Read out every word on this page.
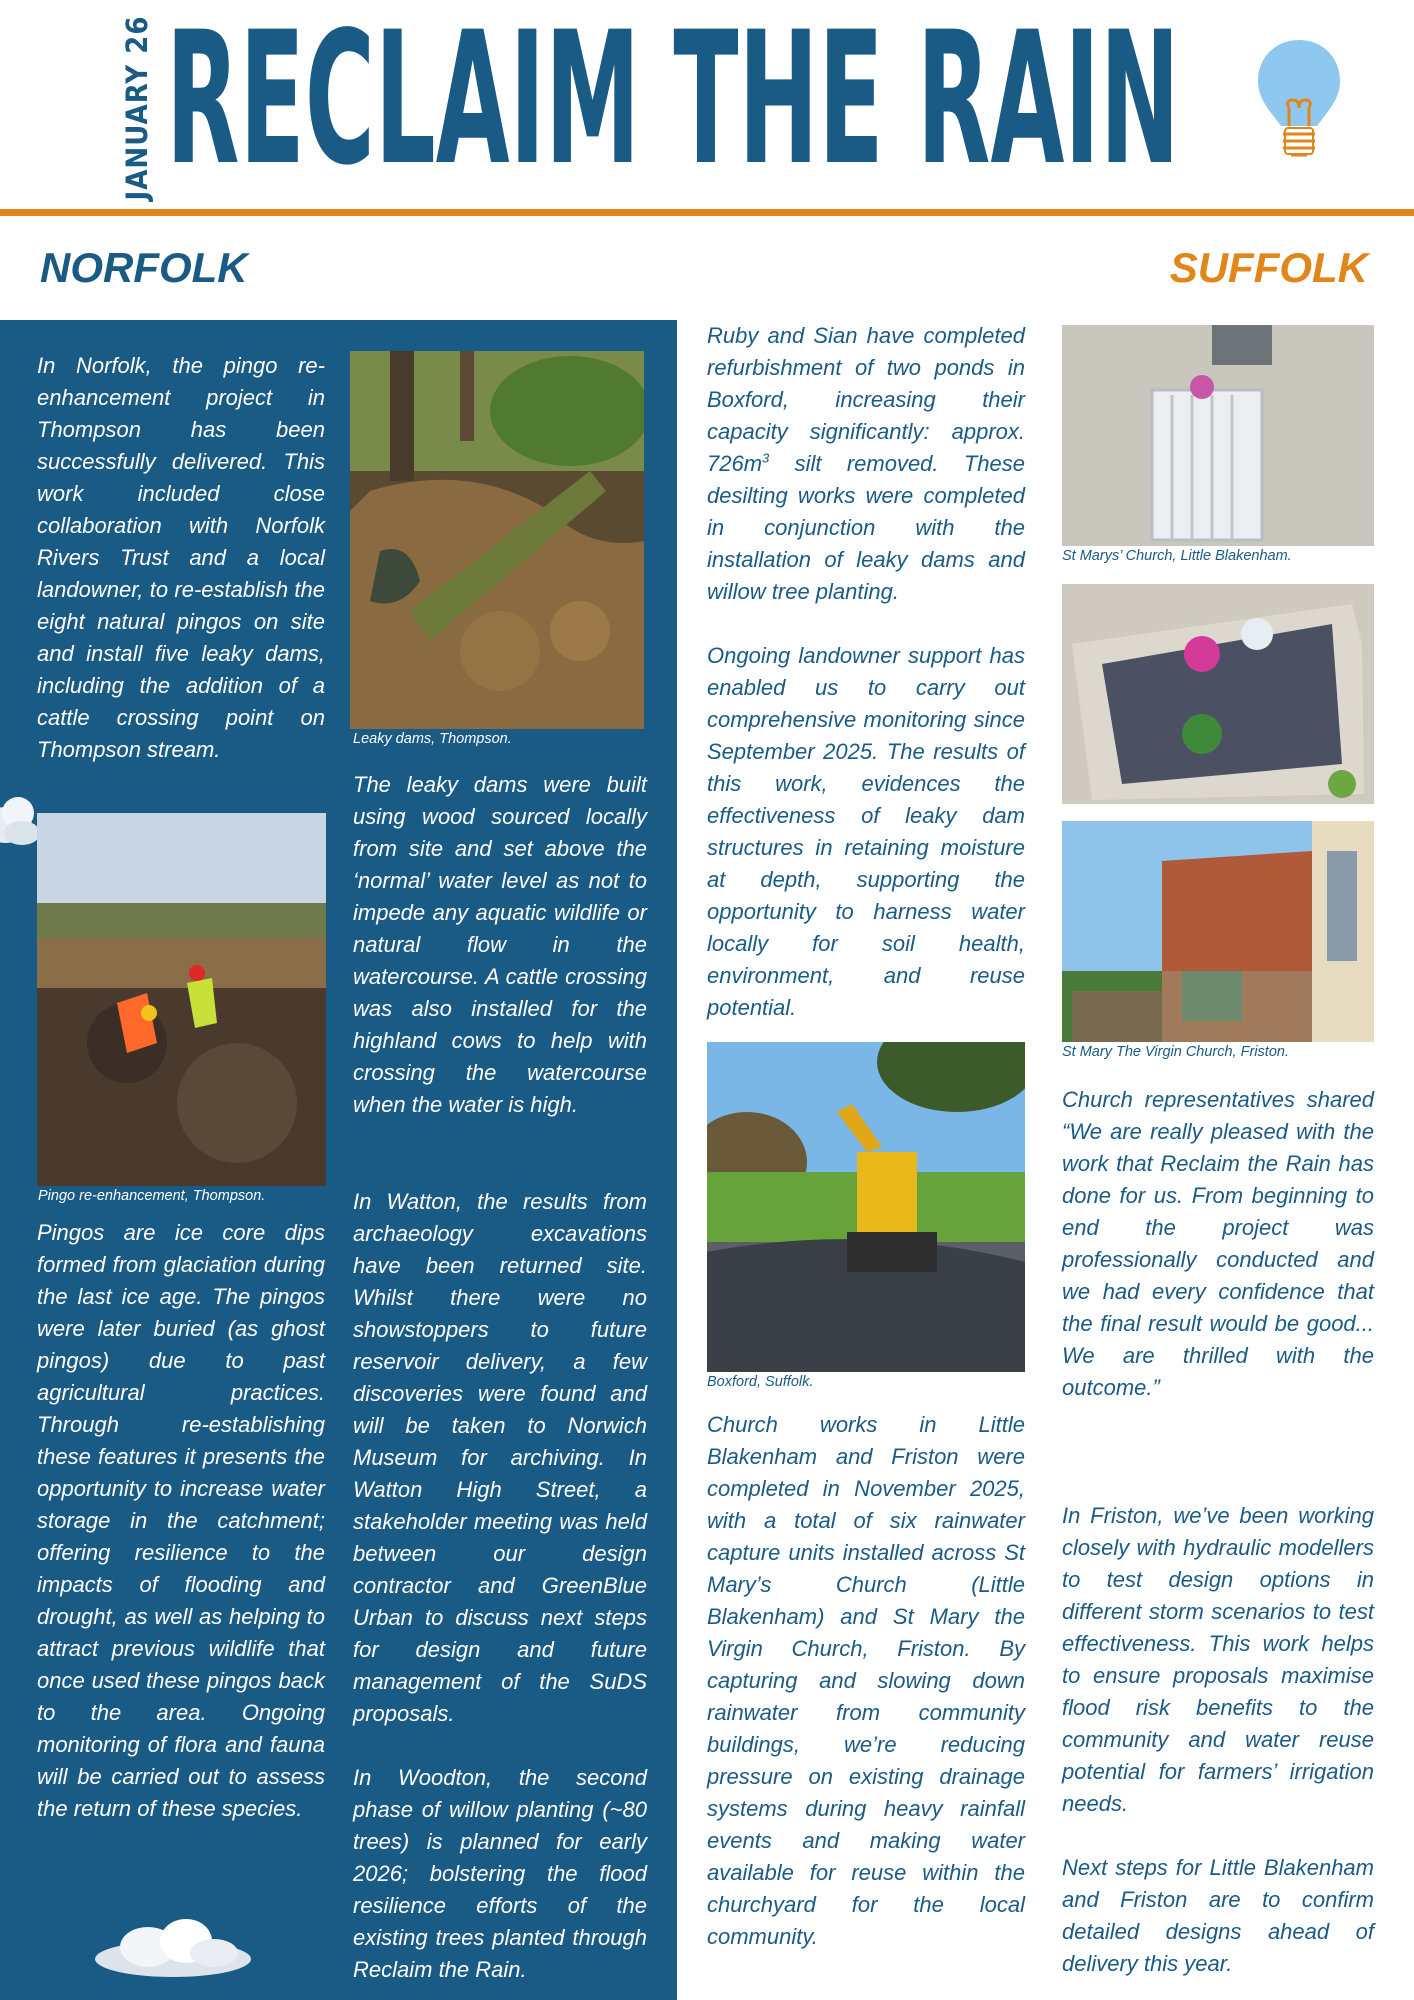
JANUARY 26 RECLAIM THE RAIN
NORFOLK	SUFFOLK

In Norfolk, the pingo re-enhancement project in Thompson has been successfully delivered. This work included close collaboration with Norfolk Rivers Trust and a local landowner, to re-establish the eight natural pingos on site and install five leaky dams, including the addition of a cattle crossing point on Thompson stream.	Leaky dams, Thompson.

The leaky dams were built using wood sourced locally from site and set above the ‘normal’ water level as not to impede any aquatic wildlife or natural flow in the watercourse. A cattle crossing was also installed for the highland cows to help with crossing the watercourse when the water is high.

Pingo re-enhancement, Thompson.

Pingos are ice core dips formed from glaciation during the last ice age. The pingos were later buried (as ghost pingos) due to past agricultural practices. Through re-establishing these features it presents the opportunity to increase water storage in the catchment; offering resilience to the impacts of flooding and drought, as well as helping to attract previous wildlife that once used these pingos back to the area. Ongoing monitoring of flora and fauna will be carried out to assess the return of these species.

In Watton, the results from archaeology excavations have been returned site. Whilst there were no showstoppers to future reservoir delivery, a few discoveries were found and will be taken to Norwich Museum for archiving. In Watton High Street, a stakeholder meeting was held between our design contractor and GreenBlue Urban to discuss next steps for design and future management of the SuDS proposals.

In Woodton, the second phase of willow planting (~80 trees) is planned for early 2026; bolstering the flood resilience efforts of the existing trees planted through Reclaim the Rain.

Ruby and Sian have completed refurbishment of two ponds in Boxford, increasing their capacity significantly: approx. $726m^3$ silt removed. These desilting works were completed in conjunction with the installation of leaky dams and willow tree planting.

Ongoing landowner support has enabled us to carry out comprehensive monitoring since September 2025. The results of this work, evidences the effectiveness of leaky dam structures in retaining moisture at depth, supporting the opportunity to harness water locally for soil health, environment, and reuse potential.

Boxford, Suffolk.

Church works in Little Blakenham and Friston were completed in November 2025, with a total of six rainwater capture units installed across St Mary’s Church (Little Blakenham) and St Mary the Virgin Church, Friston. By capturing and slowing down rainwater from community buildings, we’re reducing pressure on existing drainage systems during heavy rainfall events and making water available for reuse within the churchyard for the local community.

St Marys’ Church, Little Blakenham.

St Mary The Virgin Church, Friston.

Church representatives shared “We are really pleased with the work that Reclaim the Rain has done for us. From beginning to end the project was professionally conducted and we had every confidence that the final result would be good... We are thrilled with the outcome.”

In Friston, we’ve been working closely with hydraulic modellers to test design options in different storm scenarios to test effectiveness. This work helps to ensure proposals maximise flood risk benefits to the community and water reuse potential for farmers’ irrigation needs.

Next steps for Little Blakenham and Friston are to confirm detailed designs ahead of delivery this year.
